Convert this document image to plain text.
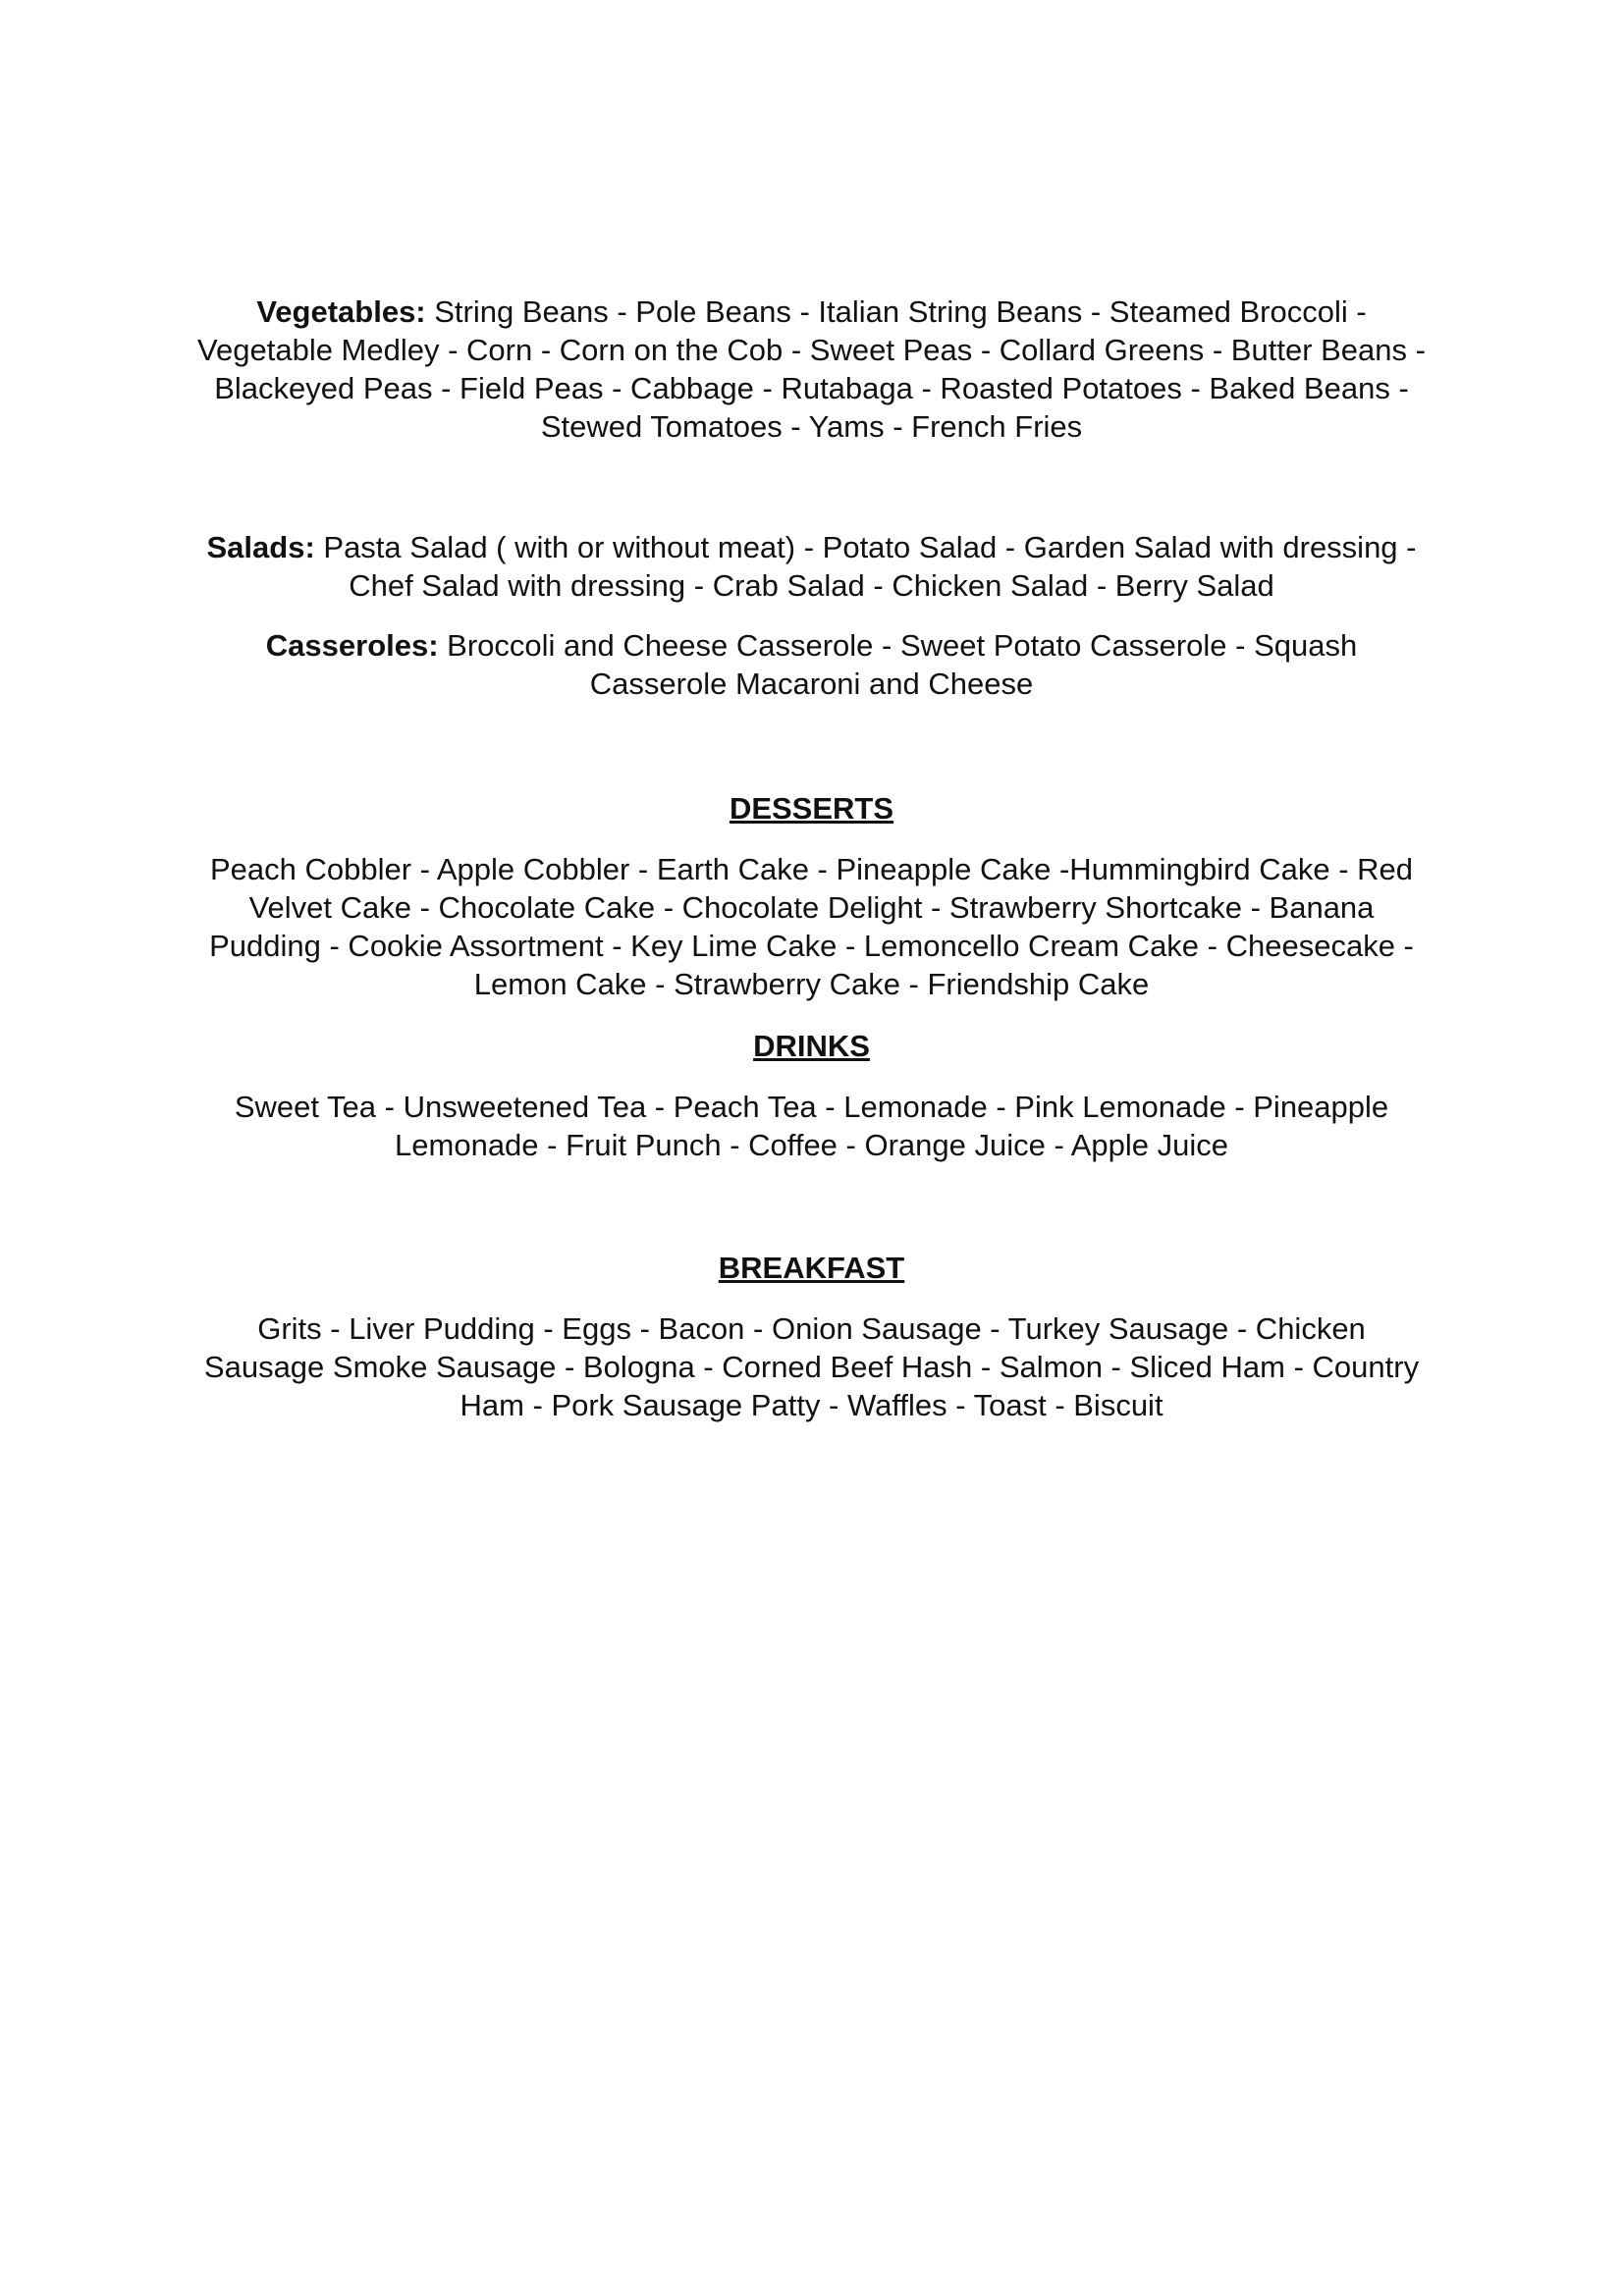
Vegetables: String Beans - Pole Beans - Italian String Beans - Steamed Broccoli - Vegetable Medley - Corn - Corn on the Cob - Sweet Peas - Collard Greens - Butter Beans - Blackeyed Peas - Field Peas - Cabbage - Rutabaga - Roasted Potatoes - Baked Beans - Stewed Tomatoes - Yams - French Fries

Salads: Pasta Salad ( with or without meat) - Potato Salad - Garden Salad with dressing - Chef Salad with dressing - Crab Salad - Chicken Salad - Berry Salad

Casseroles: Broccoli and Cheese Casserole - Sweet Potato Casserole - Squash Casserole Macaroni and Cheese

DESSERTS

Peach Cobbler - Apple Cobbler - Earth Cake - Pineapple Cake -Hummingbird Cake - Red Velvet Cake - Chocolate Cake - Chocolate Delight - Strawberry Shortcake - Banana Pudding - Cookie Assortment - Key Lime Cake - Lemoncello Cream Cake - Cheesecake -Lemon Cake - Strawberry Cake - Friendship Cake

DRINKS

Sweet Tea - Unsweetened Tea - Peach Tea - Lemonade - Pink Lemonade - Pineapple Lemonade - Fruit Punch - Coffee - Orange Juice - Apple Juice

BREAKFAST

Grits - Liver Pudding - Eggs - Bacon - Onion Sausage - Turkey Sausage - Chicken Sausage Smoke Sausage - Bologna - Corned Beef Hash - Salmon - Sliced Ham - Country Ham - Pork Sausage Patty - Waffles - Toast - Biscuit
